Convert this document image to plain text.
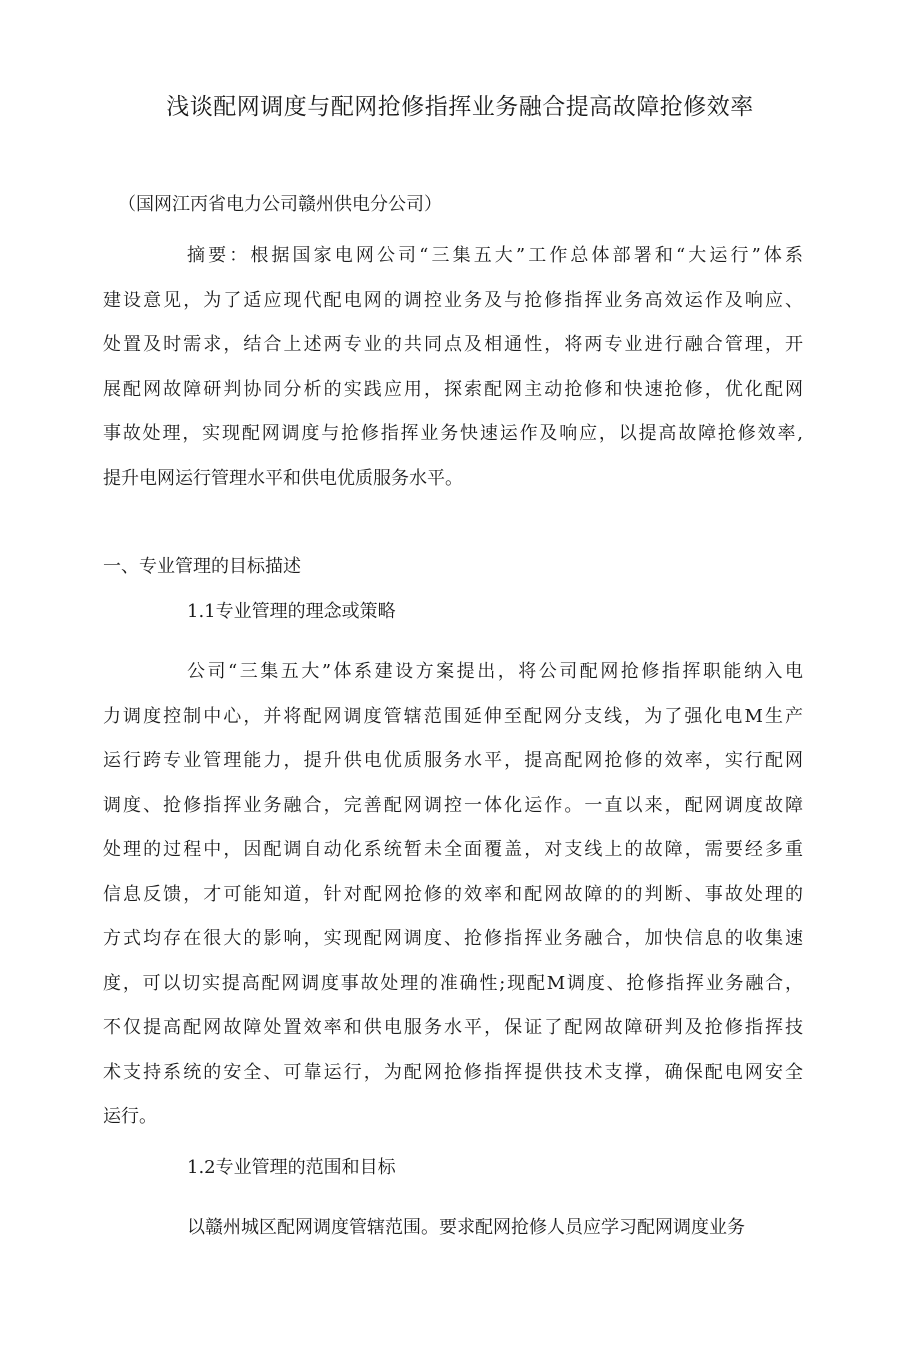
浅谈配网调度与配网抢修指挥业务融合提高故障抢修效率

（国网江丙省电力公司赣州供电分公司）

摘要：根据国家电网公司“三集五大”工作总体部署和“大运行”体系
建设意见，为了适应现代配电网的调控业务及与抢修指挥业务高效运作及响应、
处置及时需求，结合上述两专业的共同点及相通性，将两专业进行融合管理，开
展配网故障研判协同分析的实践应用，探索配网主动抢修和快速抢修，优化配网
事故处理，实现配网调度与抢修指挥业务快速运作及响应，以提高故障抢修效率,
提升电网运行管理水平和供电优质服务水平。

一、专业管理的目标描述

1.1专业管理的理念或策略

公司“三集五大”体系建设方案提出，将公司配网抢修指挥职能纳入电
力调度控制中心，并将配网调度管辖范围延伸至配网分支线，为了强化电M生产
运行跨专业管理能力，提升供电优质服务水平，提高配网抢修的效率，实行配网
调度、抢修指挥业务融合，完善配网调控一体化运作。一直以来，配网调度故障
处理的过程中，因配调自动化系统暂未全面覆盖，对支线上的故障，需要经多重
信息反馈，才可能知道，针对配网抢修的效率和配网故障的的判断、事故处理的
方式均存在很大的影响，实现配网调度、抢修指挥业务融合，加快信息的收集速
度，可以切实提高配网调度事故处理的准确性;现配M调度、抢修指挥业务融合，
不仅提高配网故障处置效率和供电服务水平，保证了配网故障研判及抢修指挥技
术支持系统的安全、可靠运行，为配网抢修指挥提供技术支撑，确保配电网安全
运行。

1.2专业管理的范围和目标

以赣州城区配网调度管辖范围。要求配网抢修人员应学习配网调度业务
